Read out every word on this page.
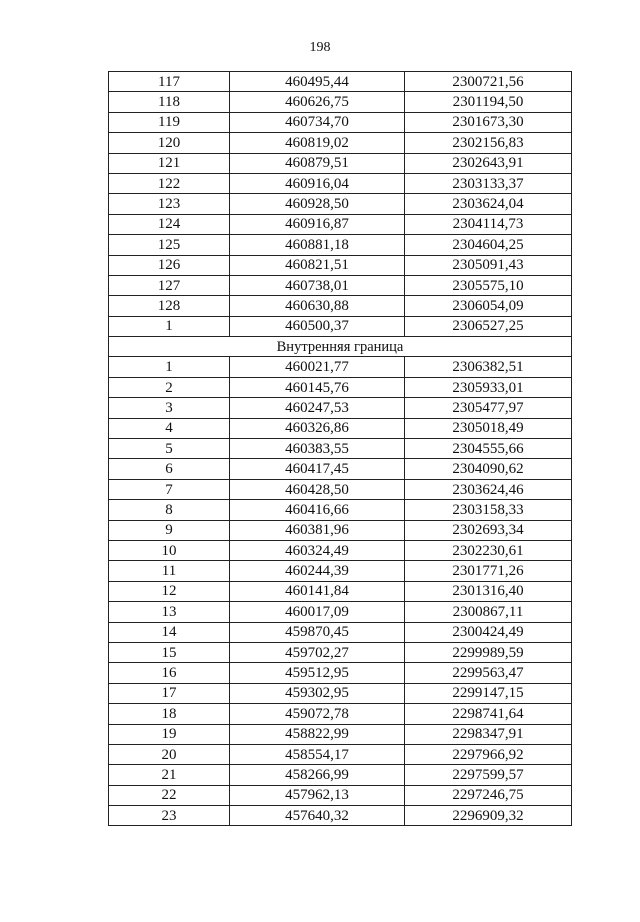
198
117	460495,44	2300721,56
118	460626,75	2301194,50
119	460734,70	2301673,30
120	460819,02	2302156,83
121	460879,51	2302643,91
122	460916,04	2303133,37
123	460928,50	2303624,04
124	460916,87	2304114,73
125	460881,18	2304604,25
126	460821,51	2305091,43
127	460738,01	2305575,10
128	460630,88	2306054,09
1	460500,37	2306527,25
Внутренняя граница		
1	460021,77	2306382,51
2	460145,76	2305933,01
3	460247,53	2305477,97
4	460326,86	2305018,49
5	460383,55	2304555,66
6	460417,45	2304090,62
7	460428,50	2303624,46
8	460416,66	2303158,33
9	460381,96	2302693,34
10	460324,49	2302230,61
11	460244,39	2301771,26
12	460141,84	2301316,40
13	460017,09	2300867,11
14	459870,45	2300424,49
15	459702,27	2299989,59
16	459512,95	2299563,47
17	459302,95	2299147,15
18	459072,78	2298741,64
19	458822,99	2298347,91
20	458554,17	2297966,92
21	458266,99	2297599,57
22	457962,13	2297246,75
23	457640,32	2296909,32
